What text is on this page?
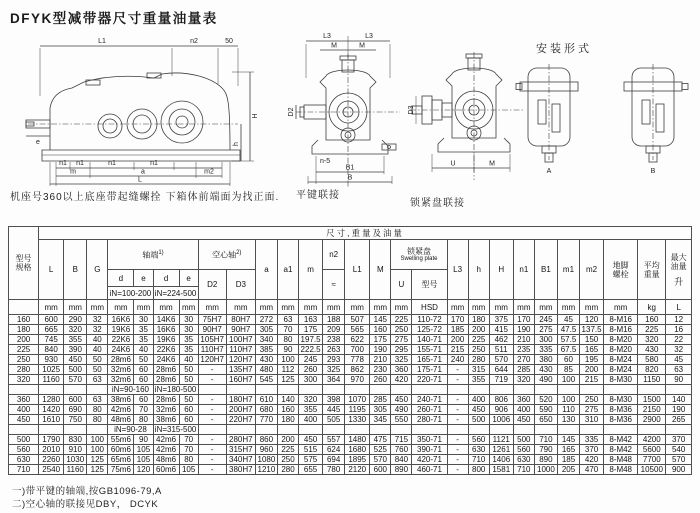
DFYK型减带器尺寸重量油量表
L1	n2	50
H
h
e
n1 n1	n1	n1
m	a	m2
L
L3	L3
M	M
D2
n-5
B1
B
D3
U	M
安装形式
A	B
机座号360以上底座带起缝螺拴 下箱体前端面为找正面. 平键联接
锁紧盘联接
型号
规格	尺寸,重量及油量																										
	L	B	G	轴端$^{1)}$				空心轴$^{2)}$		a	a1	m	n2	L1	M	锁紧盘
Swelling plate		L3	h	H	n1	B1	m1	m2	地脚
螺栓	平均
重量	最大
油量
升

				d	e	d	e	D2	D3				≈			U	型号										
				iN=100-200		iN=224-500																					
	mm	mm	mm	mm	mm	mm	mm	mm	mm	mm	mm	mm	mm	mm	mm	mm	HSD	mm	mm	mm	mm	mm	mm	mm	mm	kg	L
160	600	290	32	16K6	30	14K6	30	75H7	80H7	272	63	163	188	507	145	225	110-72	170	180	375	170	245	45	120	8-M16	160	12
180	665	320	32	19K6	35	16K6	30	90H7	90H7	305	70	175	209	565	160	250	125-72	185	200	415	190	275	47.5	137.5	8-M16	225	16
200	745	355	40	22K6	35	19K6	35	105H7	100H7	340	80	197.5	238	622	175	275	140-71	200	225	462	210	300	57.5	150	8-M20	320	22
225	840	390	40	24K6	40	22K6	35	110H7	110H7	385	90	222.5	263	700	190	295	155-71	215	250	511	235	335	67.5	165	8-M20	430	32
250	930	450	50	28m6	50	24K6	40	120H7	120H7	430	100	245	293	778	210	325	165-71	240	280	570	270	380	60	195	8-M24	580	45
280	1025	500	50	32m6	60	28m6	50	-	135H7	480	112	260	325	862	230	360	175-71	-	315	644	285	430	85	200	8-M24	820	63
320	1160	570	63	32m6	60	28m6	50	-	160H7	545	125	300	364	970	260	420	220-71	-	355	719	320	490	100	215	8-M30	1150	90
				iN=90-160		iN=180-500																					
360	1280	600	63	38m6	60	28m6	50	-	180H7	610	140	320	398	1070	285	450	240-71	-	400	806	360	520	100	250	8-M30	1500	140
400	1420	690	80	42m6	70	32m6	60	-	200H7	680	160	355	445	1195	305	490	260-71	-	450	906	400	590	110	275	8-M36	2150	190
450	1610	750	80	48m6	80	38m6	60	-	220H7	770	180	400	505	1330	345	550	280-71	-	500	1006	450	650	130	310	8-M36	2900	265
				iN=90-28		iN=315-500																					
500	1790	830	100	55m6	90	42m6	70	-	280H7	860	200	450	557	1480	475	715	350-71	-	560	1121	500	710	145	335	8-M42	4200	370
560	2010	910	100	60m6	105	42m6	70	-	315H7	960	225	515	624	1680	525	760	390-71	-	630	1261	560	790	165	370	8-M42	5600	540
630	2260	1030	125	65m6	105	48m6	80	-	340H7	1080	250	575	694	1895	570	840	420-71	-	710	1406	630	890	185	420	8-M48	7700	570
710	2540	1160	125	75m6	120	60m6	105	-	380H7	1210	280	655	780	2120	600	890	460-71	-	800	1581	710	1000	205	470	8-M48	10500	900
一)带平键的轴端,按GB1096-79,A
二)空心轴的联接见DBY， DCYK
